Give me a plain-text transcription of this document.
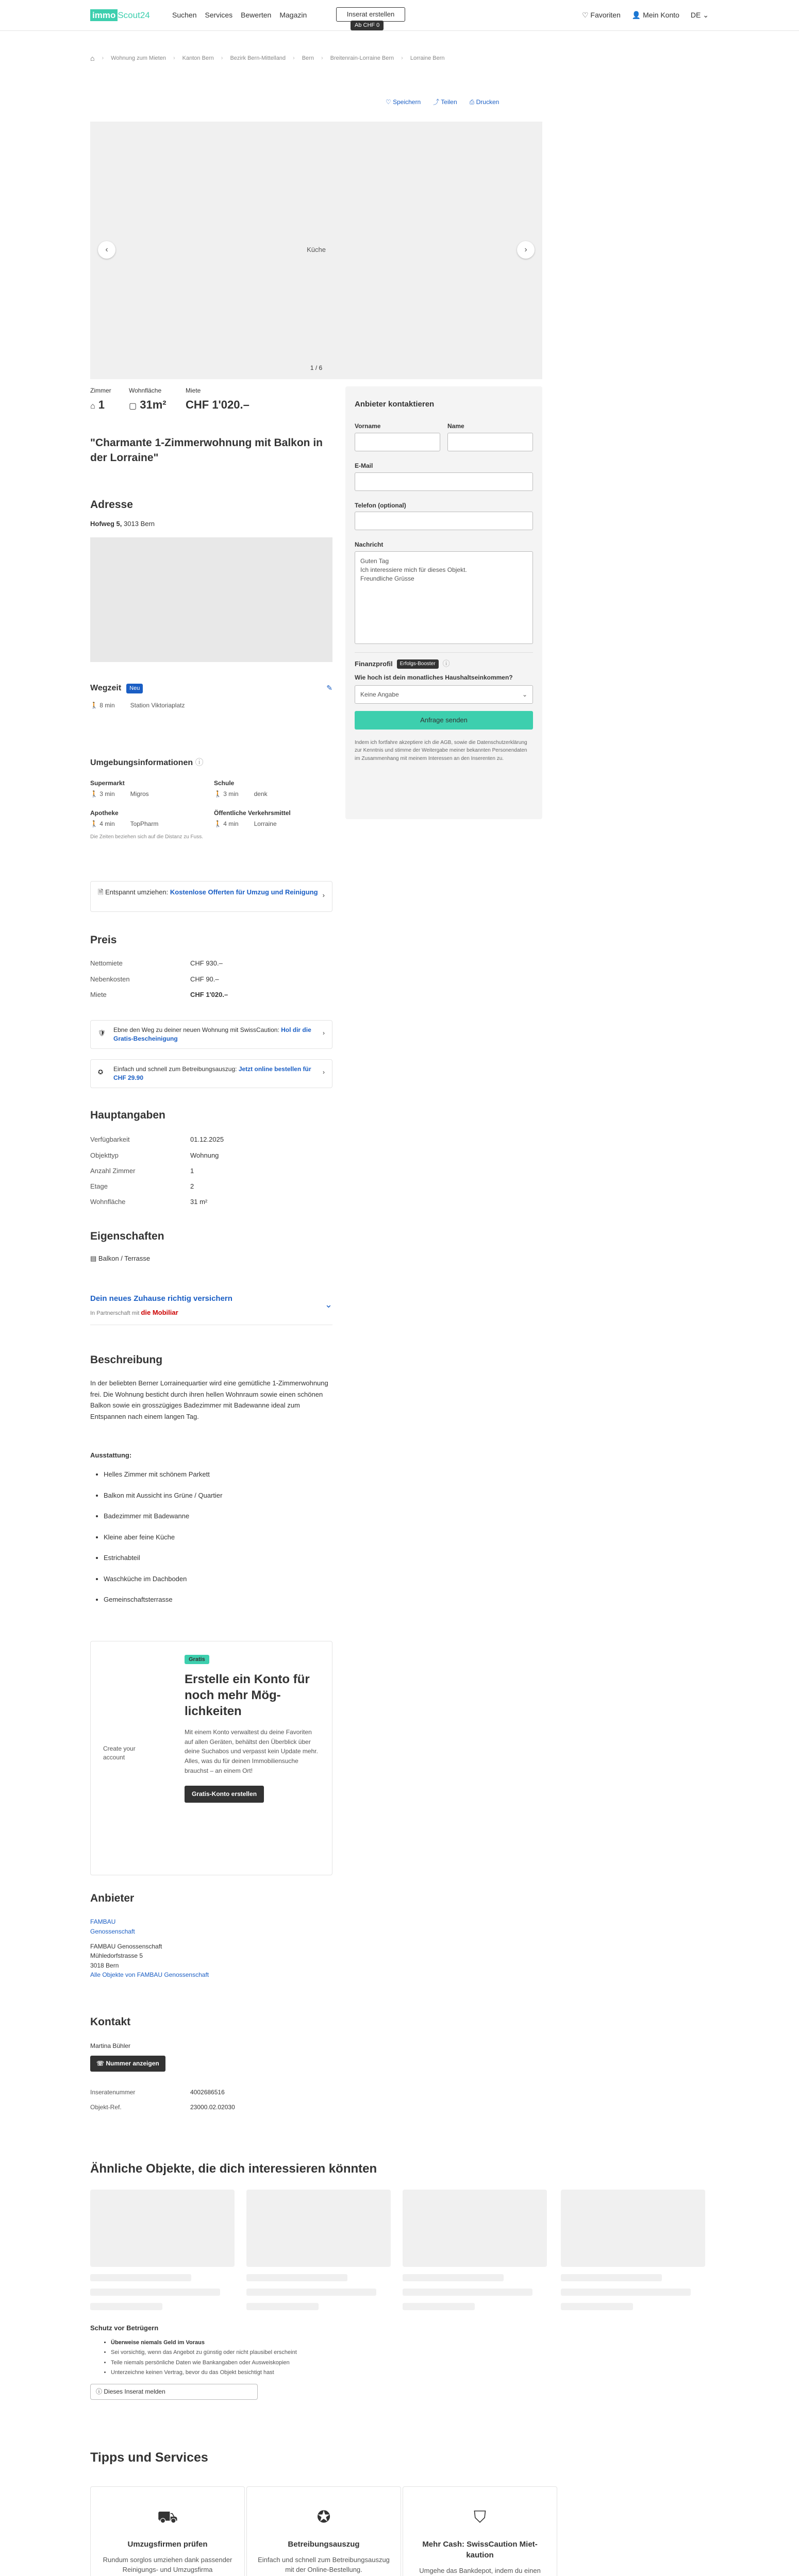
immo Scout24	Suchen Services Bewerten Magazin	Inserat erstellen
Ab CHF 0
♡ Favoriten 👤 Mein Konto DE ⌄
⌂ › Wohnung zum Mieten › Kanton Bern › Bezirk Bern-Mittelland › Bern › Breitenrain-Lorraine Bern › Lorraine Bern
♡ Speichern ⤴ Teilen ⎙ Drucken
Küche
‹	›
1 / 6
Zimmer	Wohnfläche	Miete
⌂ 1	▢ 31m²	CHF 1'020.–
"Charmante 1-Zimmerwohnung mit Balkon in der Lorraine"
Adresse
Hofweg 5, 3013 Bern
Wegzeit	Neu	✎
🚶 8 min	Station Viktoriaplatz
Umgebungsinformationen ⓘ
Supermarkt
🚶 3 min	Migros
Schule
🚶 3 min	denk
Apotheke
🚶 4 min	TopPharm
Öffentliche Verkehrsmittel
🚶 4 min	Lorraine
Die Zeiten beziehen sich auf die Distanz zu Fuss.
🗎 Entspannt umziehen: Kostenlose Offerten für Umzug und Reinigung ›
Preis
Nettomiete	CHF 930.–
Nebenkosten	CHF 90.–
Miete	CHF 1'020.–
🛡 Ebne den Weg zu deiner neuen Wohnung mit SwissCaution: Hol dir die Gratis-Bescheinigung
›
✪ Einfach und schnell zum Betreibungsauszug: Jetzt online bestellen für CHF 29.90
›
Hauptangaben
Verfügbarkeit	01.12.2025
Objekttyp	Wohnung
Anzahl Zimmer	1
Etage	2
Wohnfläche	31 m²
Eigenschaften
▤ Balkon / Terrasse
Dein neues Zuhause richtig versichern
In Partnerschaft mit die Mobiliar
⌄
Beschreibung

In der beliebten Berner Lorrainequartier wird eine gemütliche 1-Zimmerwohnung frei. Die Wohnung besticht durch ihren hellen Wohnraum sowie einen schönen Balkon sowie ein grosszügiges Badezimmer mit Badewanne ideal zum Entspannen nach einem langen Tag.

Ausstattung:
• Helles Zimmer mit schönem Parkett
• Balkon mit Aussicht ins Grüne / Quartier
• Badezimmer mit Badewanne
• Kleine aber feine Küche
• Estrichabteil
• Waschküche im Dachboden
• Gemeinschaftsterrasse
Create your account
Gratis
Erstelle ein Konto für noch mehr Möglichkeiten

Mit einem Konto verwaltest du deine Favoriten auf allen Geräten, behältst den Überblick über deine Suchabos und verpasst kein Update mehr. Alles, was du für deinen Immobiliensuche brauchst – an einem Ort!

Gratis-Konto erstellen
Anbieter
FAMBAU Genossenschaft
FAMBAU Genossenschaft
Mühledorfstrasse 5
3018 Bern
Alle Objekte von FAMBAU Genossenschaft
Kontakt
Martina Bühler
☏ Nummer anzeigen
Inseratenummer	4002686516
Objekt-Ref.	23000.02.02030
Ähnliche Objekte, die dich interessieren könnten
Schutz vor Betrügern
• Überweise niemals Geld im Voraus
• Sei vorsichtig, wenn das Angebot zu günstig oder nicht plausibel erscheint
• Teile niemals persönliche Daten wie Bankangaben oder Ausweiskopien
• Unterzeichne keinen Vertrag, bevor du das Objekt besichtigt hast
ⓘ Dieses Inserat melden
Tipps und Services
⛟
Umzugsfirmen prüfen

Rundum sorglos umziehen dank passender Reinigungs- und Umzugsfirma

✪
Betreibungsauszug

Einfach und schnell zum Betreibungsauszug mit der Online-Bestellung.

⛉
Mehr Cash: SwissCaution Mietkaution

Umgehe das Bankdepot, indem du einen

Anbieter kontaktieren
Vorname	Name
E-Mail
Telefon (optional)
Nachricht
Guten Tag
Ich interessiere mich für dieses Objekt.
Freundliche Grüsse
Finanzprofil	Erfolgs-Booster	ⓘ
Wie hoch ist dein monatliches Haushaltseinkommen?
Keine Angabe	⌄
Anfrage senden

Indem ich fortfahre akzeptiere ich die AGB, sowie die Datenschutzerklärung zur Kenntnis und stimme der Weitergabe meiner bekannten Personendaten im Zusammenhang mit meinem Interessen an den Inserenten zu.
